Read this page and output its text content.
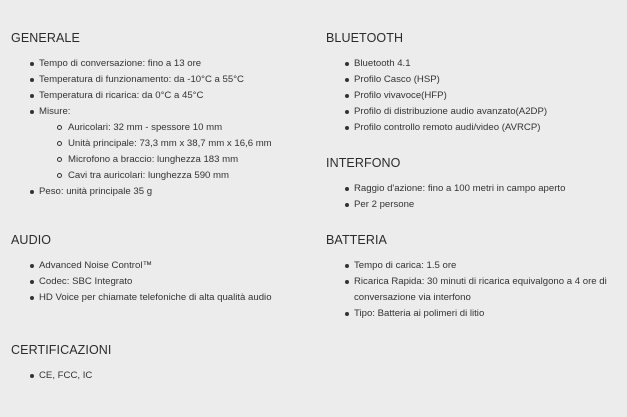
GENERALE
Tempo di conversazione: fino a 13 ore
Temperatura di funzionamento: da -10°C a 55°C
Temperatura di ricarica: da 0°C a 45°C
Misure:
Auricolari: 32 mm - spessore 10 mm
Unità principale: 73,3 mm x 38,7 mm x 16,6 mm
Microfono a braccio: lunghezza 183 mm
Cavi tra auricolari: lunghezza 590 mm
Peso: unità principale 35 g
AUDIO
Advanced Noise Control™
Codec: SBC Integrato
HD Voice per chiamate telefoniche di alta qualità audio
CERTIFICAZIONI
CE, FCC, IC
BLUETOOTH
Bluetooth 4.1
Profilo Casco (HSP)
Profilo vivavoce(HFP)
Profilo di distribuzione audio avanzato(A2DP)
Profilo controllo remoto audi/video (AVRCP)
INTERFONO
Raggio d'azione: fino a 100 metri in campo aperto
Per 2 persone
BATTERIA
Tempo di carica: 1.5 ore
Ricarica Rapida: 30 minuti di ricarica equivalgono a 4 ore di conversazione via interfono
Tipo: Batteria ai polimeri di litio
